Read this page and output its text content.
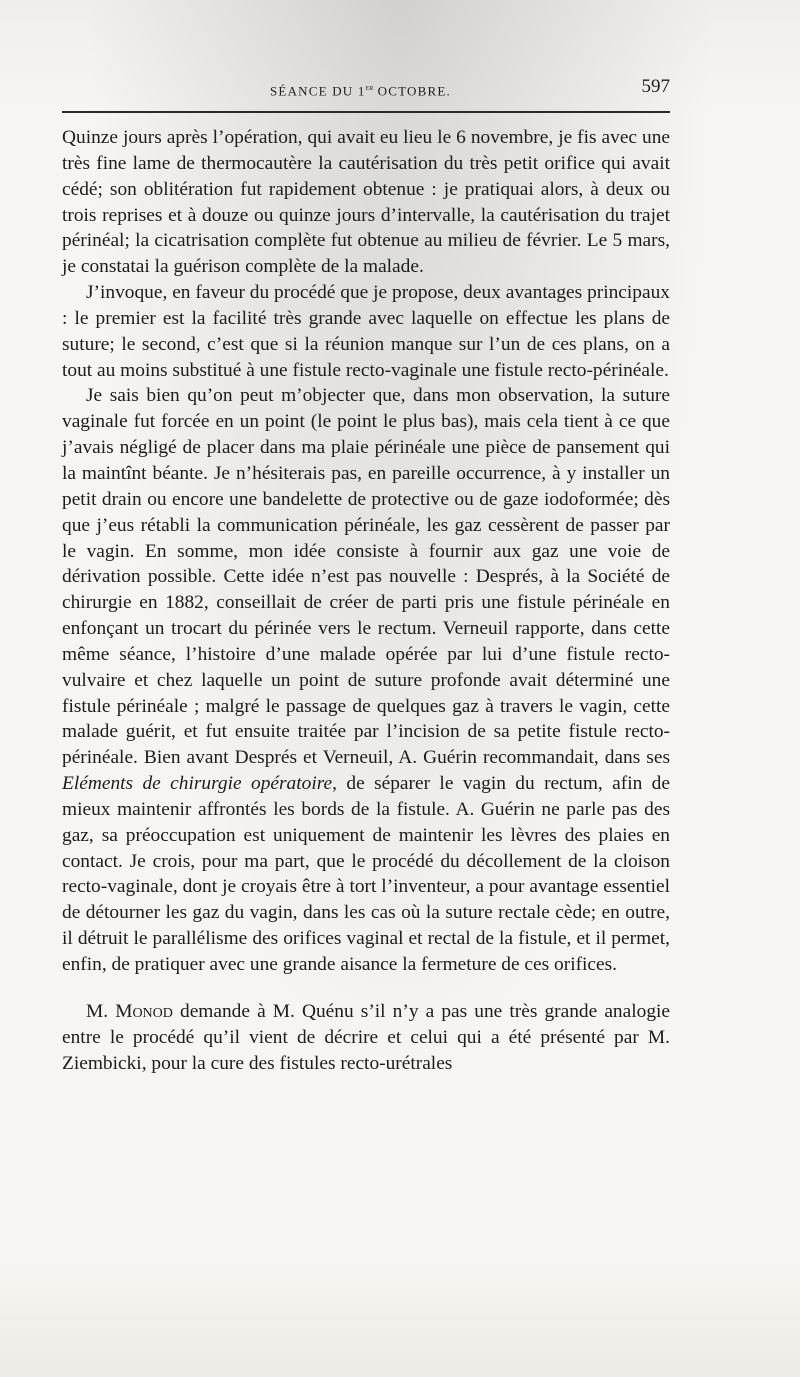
SÉANCE DU 1er OCTOBRE.	597

Quinze jours après l’opération, qui avait eu lieu le 6 novembre, je fis avec une très fine lame de thermocautère la cautérisation du très petit orifice qui avait cédé; son oblitération fut rapidement obtenue : je pratiquai alors, à deux ou trois reprises et à douze ou quinze jours d’intervalle, la cautérisation du trajet périnéal; la cicatrisation complète fut obtenue au milieu de février. Le 5 mars, je constatai la guérison complète de la malade.

J’invoque, en faveur du procédé que je propose, deux avantages principaux : le premier est la facilité très grande avec laquelle on effectue les plans de suture; le second, c’est que si la réunion manque sur l’un de ces plans, on a tout au moins substitué à une fistule recto-vaginale une fistule recto-périnéale.

Je sais bien qu’on peut m’objecter que, dans mon observation, la suture vaginale fut forcée en un point (le point le plus bas), mais cela tient à ce que j’avais négligé de placer dans ma plaie périnéale une pièce de pansement qui la maintînt béante. Je n’hésiterais pas, en pareille occurrence, à y installer un petit drain ou encore une bandelette de protective ou de gaze iodoformée; dès que j’eus rétabli la communication périnéale, les gaz cessèrent de passer par le vagin. En somme, mon idée consiste à fournir aux gaz une voie de dérivation possible. Cette idée n’est pas nouvelle : Després, à la Société de chirurgie en 1882, conseillait de créer de parti pris une fistule périnéale en enfonçant un trocart du périnée vers le rectum. Verneuil rapporte, dans cette même séance, l’histoire d’une malade opérée par lui d’une fistule recto-vulvaire et chez laquelle un point de suture profonde avait déterminé une fistule périnéale ; malgré le passage de quelques gaz à travers le vagin, cette malade guérit, et fut ensuite traitée par l’incision de sa petite fistule recto-périnéale. Bien avant Després et Verneuil, A. Guérin recommandait, dans ses Eléments de chirurgie opératoire, de séparer le vagin du rectum, afin de mieux maintenir affrontés les bords de la fistule. A. Guérin ne parle pas des gaz, sa préoccupation est uniquement de maintenir les lèvres des plaies en contact. Je crois, pour ma part, que le procédé du décollement de la cloison recto-vaginale, dont je croyais être à tort l’inventeur, a pour avantage essentiel de détourner les gaz du vagin, dans les cas où la suture rectale cède; en outre, il détruit le parallélisme des orifices vaginal et rectal de la fistule, et il permet, enfin, de pratiquer avec une grande aisance la fermeture de ces orifices.

M. Monod demande à M. Quénu s’il n’y a pas une très grande analogie entre le procédé qu’il vient de décrire et celui qui a été présenté par M. Ziembicki, pour la cure des fistules recto-urétrales
